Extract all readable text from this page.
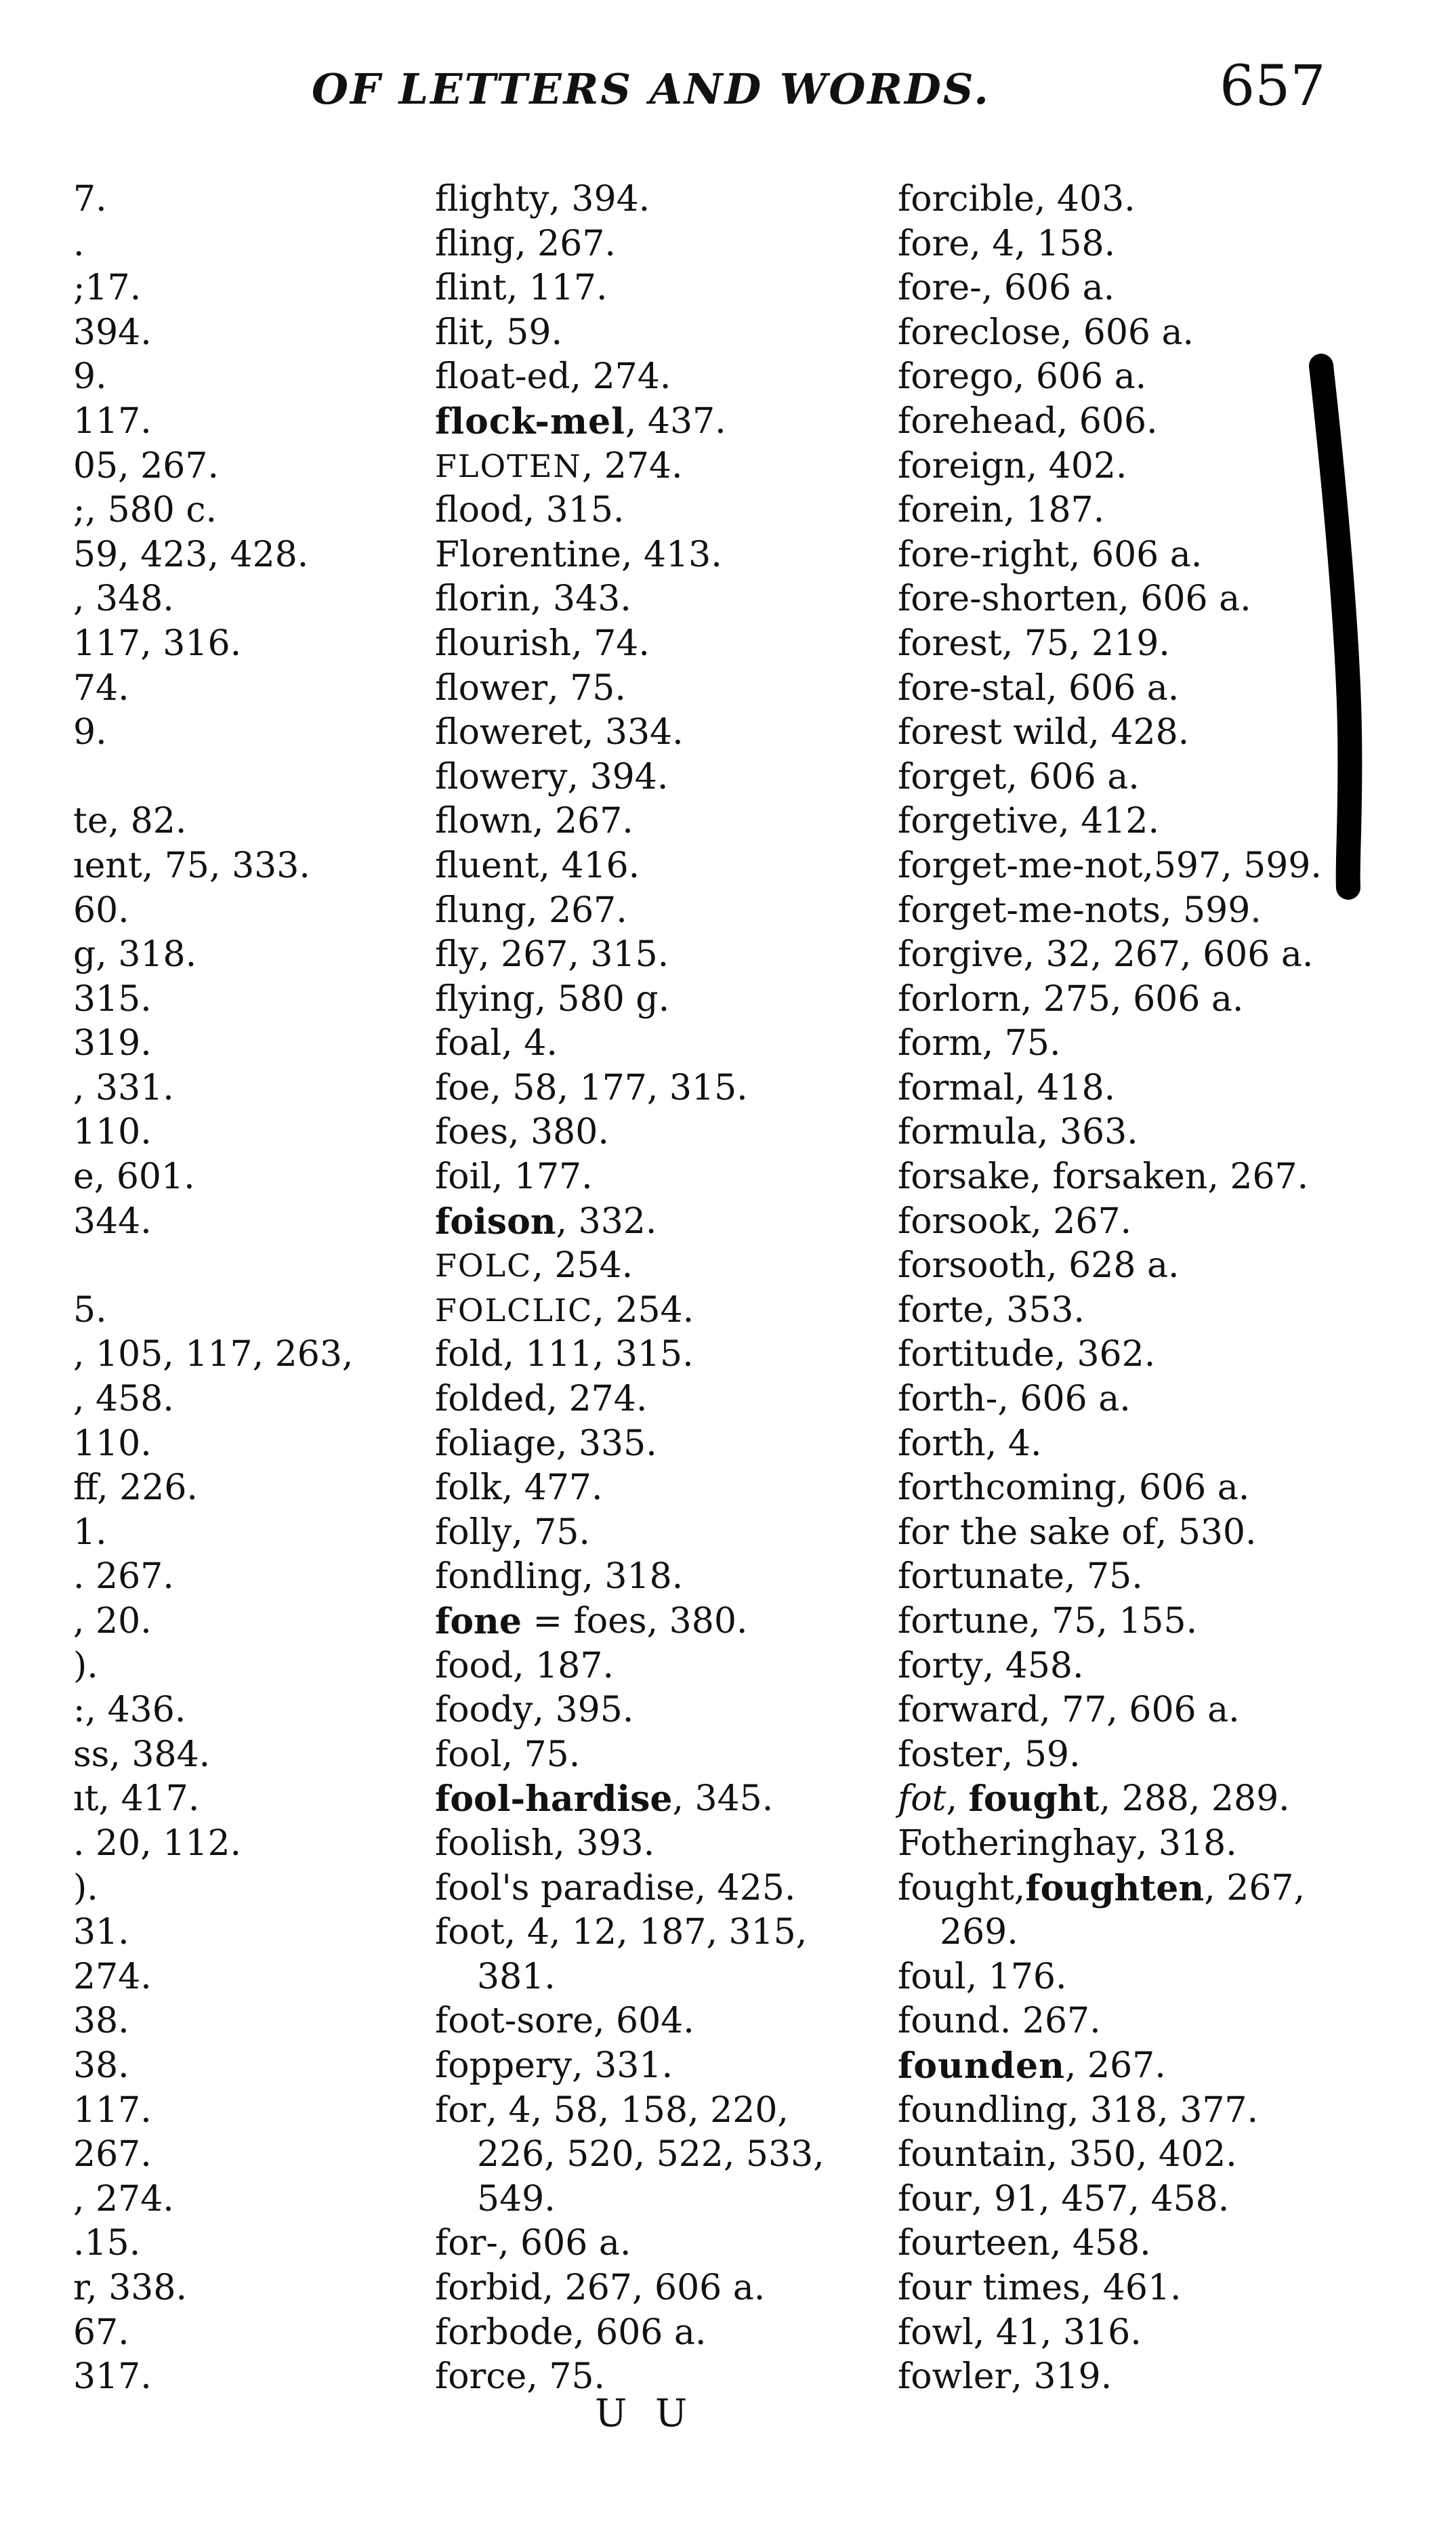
OF LETTERS AND WORDS.	657
7.
.
;17.
394.
9.
117.
05, 267.
;, 580 c.
59, 423, 428.
, 348.
117, 316.
74.
9.
te, 82.
ıent, 75, 333.
60.
g, 318.
315.
319.
, 331.
110.
e, 601.
344.
5.
, 105, 117, 263,
, 458.
110.
ff, 226.
1.
. 267.
, 20.
).
:, 436.
ss, 384.
ıt, 417.
. 20, 112.
).
31.
274.
38.
38.
117.
267.
, 274.
.15.
r, 338.
67.
317.
flighty , 394.
fling , 267.
flint , 117.
flit , 59.
float-ed , 274.
flock-mel , 437.
FLOTEN , 274.
flood , 315.
Florentine , 413.
florin , 343.
flourish , 74.
flower , 75.
floweret , 334.
flowery , 394.
flown , 267.
fluent , 416.
flung , 267.
fly , 267, 315.
flying , 580 g.
foal , 4.
foe , 58, 177, 315.
foes , 380.
foil , 177.
foison , 332.
FOLC , 254.
FOLCLIC , 254.
fold , 111, 315.
folded , 274.
foliage , 335.
folk , 477.
folly , 75.
fondling , 318.
fone = foes, 380.
food , 187.
foody , 395.
fool , 75.
fool-hardise , 345.
foolish , 393.
fool's paradise , 425.
foot , 4, 12, 187, 315,
381.
foot-sore , 604.
foppery , 331.
for , 4, 58, 158, 220,
226, 520, 522, 533,
549.
for- , 606 a.
forbid , 267, 606 a.
forbode , 606 a.
force , 75.
forcible , 403.
fore , 4, 158.
fore- , 606 a.
foreclose , 606 a.
forego , 606 a.
forehead , 606.
foreign , 402.
forein , 187.
fore-right , 606 a.
fore-shorten , 606 a.
forest , 75, 219.
fore-stal , 606 a.
forest wild , 428.
forget , 606 a.
forgetive , 412.
forget-me-not ,597, 599.
forget-me-nots , 599.
forgive , 32, 267, 606 a.
forlorn , 275, 606 a.
form , 75.
formal , 418.
formula , 363.
forsake, forsaken , 267.
forsook , 267.
forsooth , 628 a.
forte , 353.
fortitude , 362.
forth- , 606 a.
forth , 4.
forthcoming , 606 a.
for the sake of , 530.
fortunate , 75.
fortune , 75, 155.
forty , 458.
forward , 77, 606 a.
foster , 59.
fot , fought , 288, 289.
Fotheringhay , 318.
fought, foughten , 267,
269.
foul , 176.
found . 267.
founden , 267.
foundling , 318, 377.
fountain , 350, 402.
four , 91, 457, 458.
fourteen , 458.
four times , 461.
fowl , 41, 316.
fowler , 319.
U U
